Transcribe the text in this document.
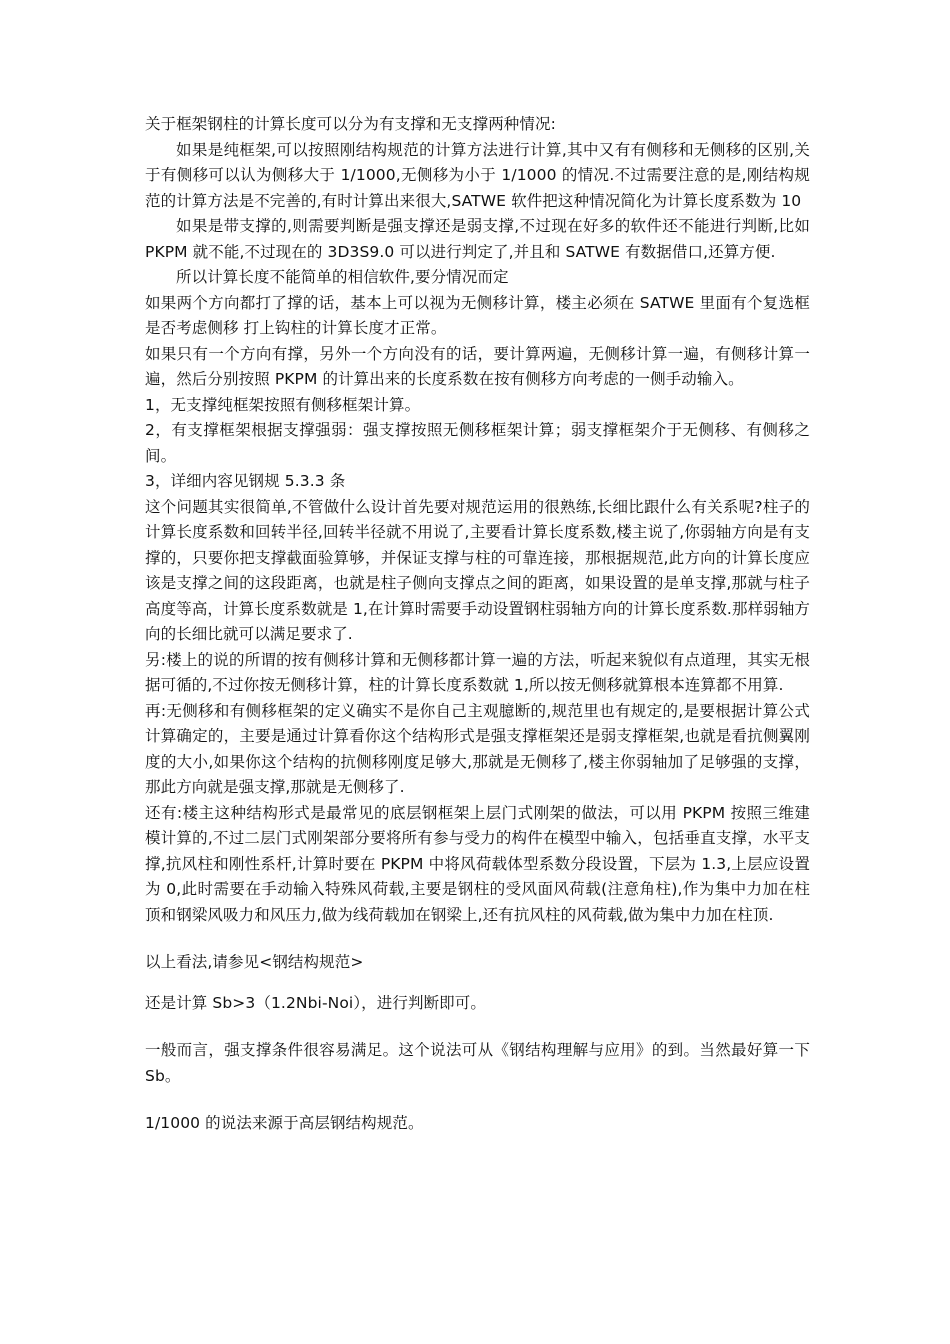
关于框架钢柱的计算长度可以分为有支撑和无支撑两种情况:

如果是纯框架,可以按照刚结构规范的计算方法进行计算,其中又有有侧移和无侧移的区别,关于有侧移可以认为侧移大于 1/1000,无侧移为小于 1/1000 的情况.不过需要注意的是,刚结构规范的计算方法是不完善的,有时计算出来很大,SATWE 软件把这种情况简化为计算长度系数为 10

如果是带支撑的,则需要判断是强支撑还是弱支撑,不过现在好多的软件还不能进行判断,比如 PKPM 就不能,不过现在的 3D3S9.0 可以进行判定了,并且和 SATWE 有数据借口,还算方便.

所以计算长度不能简单的相信软件,要分情况而定

如果两个方向都打了撑的话，基本上可以视为无侧移计算，楼主必须在 SATWE 里面有个复选框 是否考虑侧移 打上钩柱的计算长度才正常。

如果只有一个方向有撑，另外一个方向没有的话，要计算两遍，无侧移计算一遍，有侧移计算一遍，然后分别按照 PKPM 的计算出来的长度系数在按有侧移方向考虑的一侧手动输入。

1，无支撑纯框架按照有侧移框架计算。

2，有支撑框架根据支撑强弱：强支撑按照无侧移框架计算；弱支撑框架介于无侧移、有侧移之间。

3，详细内容见钢规 5.3.3 条

这个问题其实很简单,不管做什么设计首先要对规范运用的很熟练,长细比跟什么有关系呢?柱子的计算长度系数和回转半径,回转半径就不用说了,主要看计算长度系数,楼主说了,你弱轴方向是有支撑的，只要你把支撑截面验算够，并保证支撑与柱的可靠连接，那根据规范,此方向的计算长度应该是支撑之间的这段距离，也就是柱子侧向支撑点之间的距离，如果设置的是单支撑,那就与柱子高度等高，计算长度系数就是 1,在计算时需要手动设置钢柱弱轴方向的计算长度系数.那样弱轴方向的长细比就可以满足要求了.

另:楼上的说的所谓的按有侧移计算和无侧移都计算一遍的方法，听起来貌似有点道理，其实无根据可循的,不过你按无侧移计算，柱的计算长度系数就 1,所以按无侧移就算根本连算都不用算.

再:无侧移和有侧移框架的定义确实不是你自己主观臆断的,规范里也有规定的,是要根据计算公式计算确定的，主要是通过计算看你这个结构形式是强支撑框架还是弱支撑框架,也就是看抗侧翼刚度的大小,如果你这个结构的抗侧移刚度足够大,那就是无侧移了,楼主你弱轴加了足够强的支撑，那此方向就是强支撑,那就是无侧移了.

还有:楼主这种结构形式是最常见的底层钢框架上层门式刚架的做法，可以用 PKPM 按照三维建模计算的,不过二层门式刚架部分要将所有参与受力的构件在模型中输入，包括垂直支撑，水平支撑,抗风柱和刚性系杆,计算时要在 PKPM 中将风荷载体型系数分段设置，下层为 1.3,上层应设置为 0,此时需要在手动输入特殊风荷载,主要是钢柱的受风面风荷载(注意角柱),作为集中力加在柱顶和钢梁风吸力和风压力,做为线荷载加在钢梁上,还有抗风柱的风荷载,做为集中力加在柱顶.

以上看法,请参见<钢结构规范>

还是计算 Sb>3（1.2Nbi-Noi），进行判断即可。

一般而言，强支撑条件很容易满足。这个说法可从《钢结构理解与应用》的到。当然最好算一下 Sb。

1/1000 的说法来源于高层钢结构规范。
